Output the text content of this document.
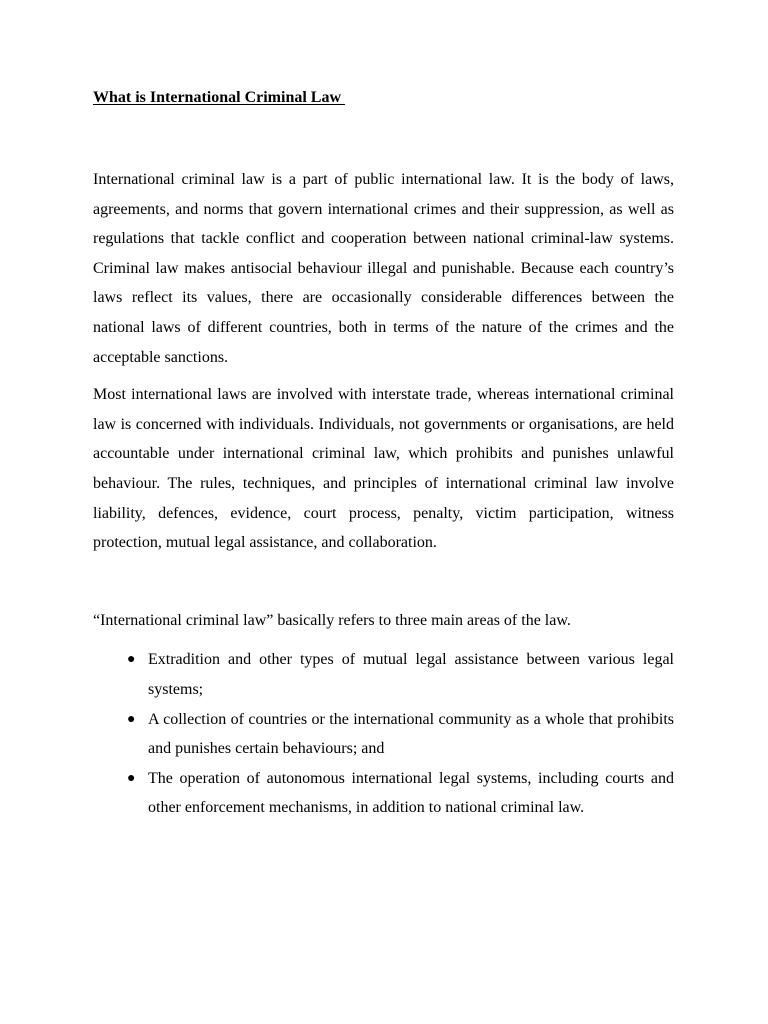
What is International Criminal Law

International criminal law is a part of public international law. It is the body of laws, agreements, and norms that govern international crimes and their suppression, as well as regulations that tackle conflict and cooperation between national criminal-law systems. Criminal law makes antisocial behaviour illegal and punishable. Because each country’s laws reflect its values, there are occasionally considerable differences between the national laws of different countries, both in terms of the nature of the crimes and the acceptable sanctions.

Most international laws are involved with interstate trade, whereas international criminal law is concerned with individuals. Individuals, not governments or organisations, are held accountable under international criminal law, which prohibits and punishes unlawful behaviour. The rules, techniques, and principles of international criminal law involve liability, defences, evidence, court process, penalty, victim participation, witness protection, mutual legal assistance, and collaboration.

“International criminal law” basically refers to three main areas of the law.

● Extradition and other types of mutual legal assistance between various legal systems;
● A collection of countries or the international community as a whole that prohibits and punishes certain behaviours; and
● The operation of autonomous international legal systems, including courts and other enforcement mechanisms, in addition to national criminal law.
